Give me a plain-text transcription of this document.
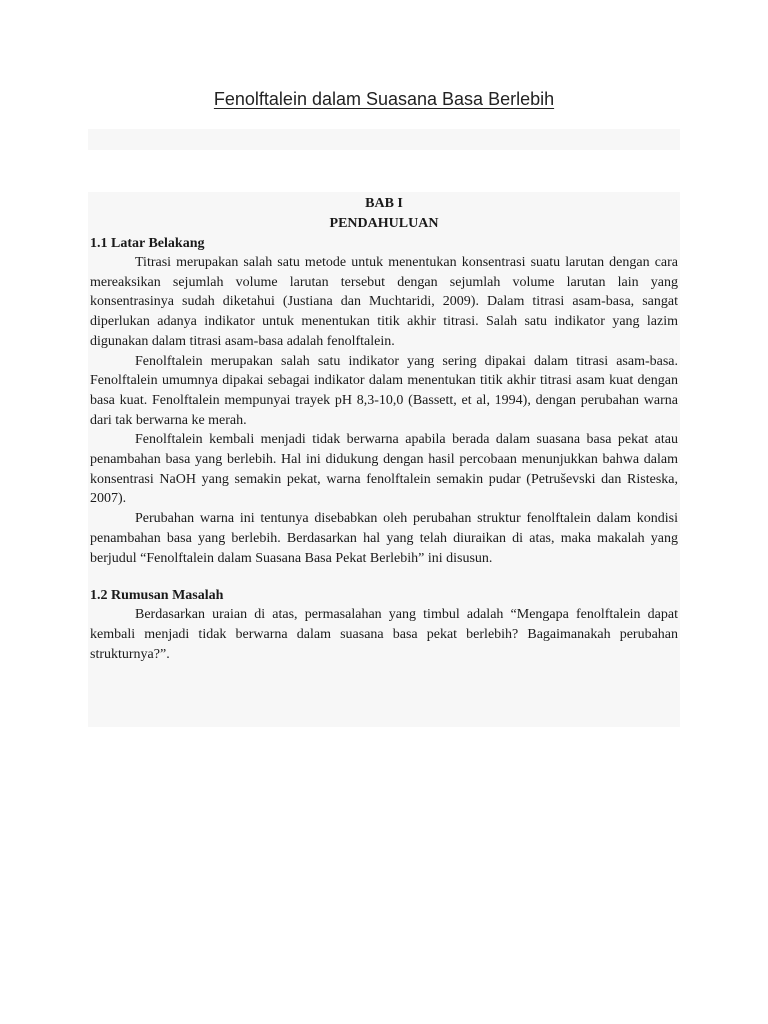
Fenolftalein dalam Suasana Basa Berlebih

BAB I

PENDAHULUAN

1.1 Latar Belakang

Titrasi merupakan salah satu metode untuk menentukan konsentrasi suatu larutan dengan cara mereaksikan sejumlah volume larutan tersebut dengan sejumlah volume larutan lain yang konsentrasinya sudah diketahui (Justiana dan Muchtaridi, 2009). Dalam titrasi asam-basa, sangat diperlukan adanya indikator untuk menentukan titik akhir titrasi. Salah satu indikator yang lazim digunakan dalam titrasi asam-basa adalah fenolftalein.

Fenolftalein merupakan salah satu indikator yang sering dipakai dalam titrasi asam-basa. Fenolftalein umumnya dipakai sebagai indikator dalam menentukan titik akhir titrasi asam kuat dengan basa kuat. Fenolftalein mempunyai trayek pH 8,3-10,0 (Bassett, et al, 1994), dengan perubahan warna dari tak berwarna ke merah.

Fenolftalein kembali menjadi tidak berwarna apabila berada dalam suasana basa pekat atau penambahan basa yang berlebih. Hal ini didukung dengan hasil percobaan menunjukkan bahwa dalam konsentrasi NaOH yang semakin pekat, warna fenolftalein semakin pudar (Petruševski dan Risteska, 2007).

Perubahan warna ini tentunya disebabkan oleh perubahan struktur fenolftalein dalam kondisi penambahan basa yang berlebih. Berdasarkan hal yang telah diuraikan di atas, maka makalah yang berjudul “Fenolftalein dalam Suasana Basa Pekat Berlebih” ini disusun.

1.2 Rumusan Masalah

Berdasarkan uraian di atas, permasalahan yang timbul adalah “Mengapa fenolftalein dapat kembali menjadi tidak berwarna dalam suasana basa pekat berlebih? Bagaimanakah perubahan strukturnya?”.
